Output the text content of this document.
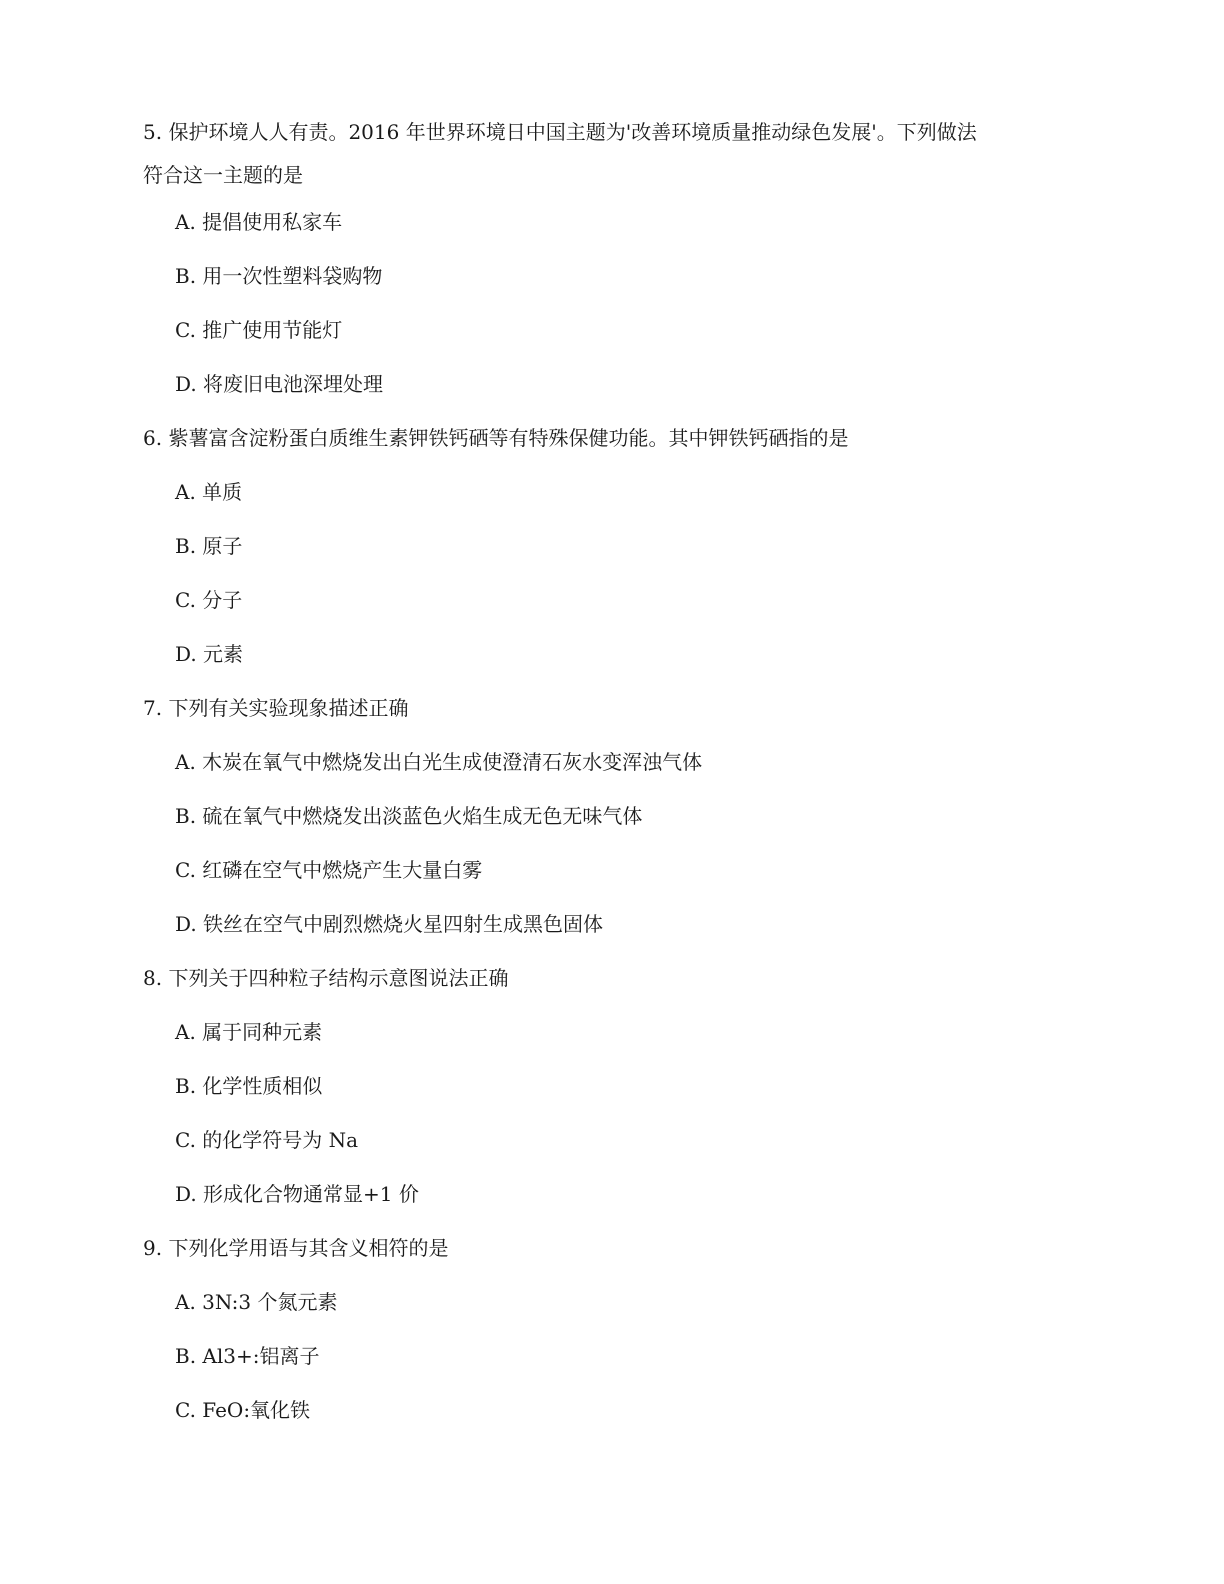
5. 保护环境人人有责。2016 年世界环境日中国主题为'改善环境质量推动绿色发展'。下列做法
符合这一主题的是
A. 提倡使用私家车
B. 用一次性塑料袋购物
C. 推广使用节能灯
D. 将废旧电池深埋处理
6. 紫薯富含淀粉蛋白质维生素钾铁钙硒等有特殊保健功能。其中钾铁钙硒指的是
A. 单质
B. 原子
C. 分子
D. 元素
7. 下列有关实验现象描述正确
A. 木炭在氧气中燃烧发出白光生成使澄清石灰水变浑浊气体
B. 硫在氧气中燃烧发出淡蓝色火焰生成无色无味气体
C. 红磷在空气中燃烧产生大量白雾
D. 铁丝在空气中剧烈燃烧火星四射生成黑色固体
8. 下列关于四种粒子结构示意图说法正确
A. 属于同种元素
B. 化学性质相似
C. 的化学符号为 Na
D. 形成化合物通常显+1 价
9. 下列化学用语与其含义相符的是
A. 3N:3 个氮元素
B. Al3+:铝离子
C. FeO:氧化铁
